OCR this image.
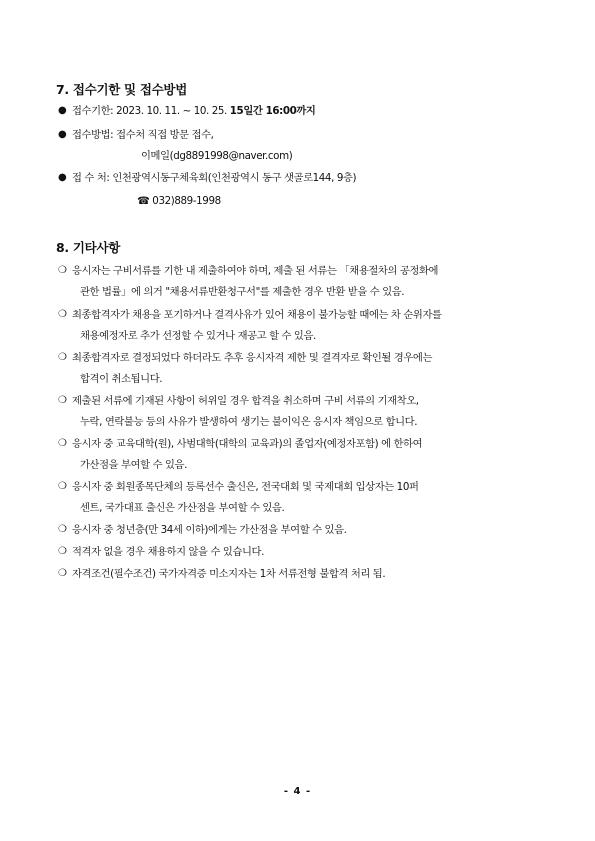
7. 접수기한 및 접수방법
● 접수기한: 2023. 10. 11. ~ 10. 25. 15일간 16:00까지
● 접수방법: 접수처 직접 방문 접수,
이메일(dg8891998@naver.com)
● 접 수 처: 인천광역시동구체육회(인천광역시 동구 샛골로144, 9층)
☎ 032)889-1998
8. 기타사항
❍ 응시자는 구비서류를 기한 내 제출하여야 하며, 제출 된 서류는 「채용절차의 공정화에
관한 법률」에 의거 "채용서류반환청구서"를 제출한 경우 반환 받을 수 있음.
❍ 최종합격자가 채용을 포기하거나 결격사유가 있어 채용이 불가능할 때에는 차 순위자를
채용예정자로 추가 선정할 수 있거나 재공고 할 수 있음.
❍ 최종합격자로 결정되었다 하더라도 추후 응시자격 제한 및 결격자로 확인될 경우에는
합격이 취소됩니다.
❍ 제출된 서류에 기재된 사항이 허위일 경우 합격을 취소하며 구비 서류의 기재착오,
누락, 연락불능 등의 사유가 발생하여 생기는 불이익은 응시자 책임으로 합니다.
❍ 응시자 중 교육대학(원), 사범대학(대학의 교육과)의 졸업자(예정자포함) 에 한하여
가산점을 부여할 수 있음.
❍ 응시자 중 회원종목단체의 등록선수 출신은, 전국대회 및 국제대회 입상자는 10퍼
센트, 국가대표 출신은 가산점을 부여할 수 있음.
❍ 응시자 중 청년층(만 34세 이하)에게는 가산점을 부여할 수 있음.
❍ 적격자 없을 경우 채용하지 않을 수 있습니다.
❍ 자격조건(필수조건) 국가자격증 미소지자는 1차 서류전형 불합격 처리 됨.
- 4 -
